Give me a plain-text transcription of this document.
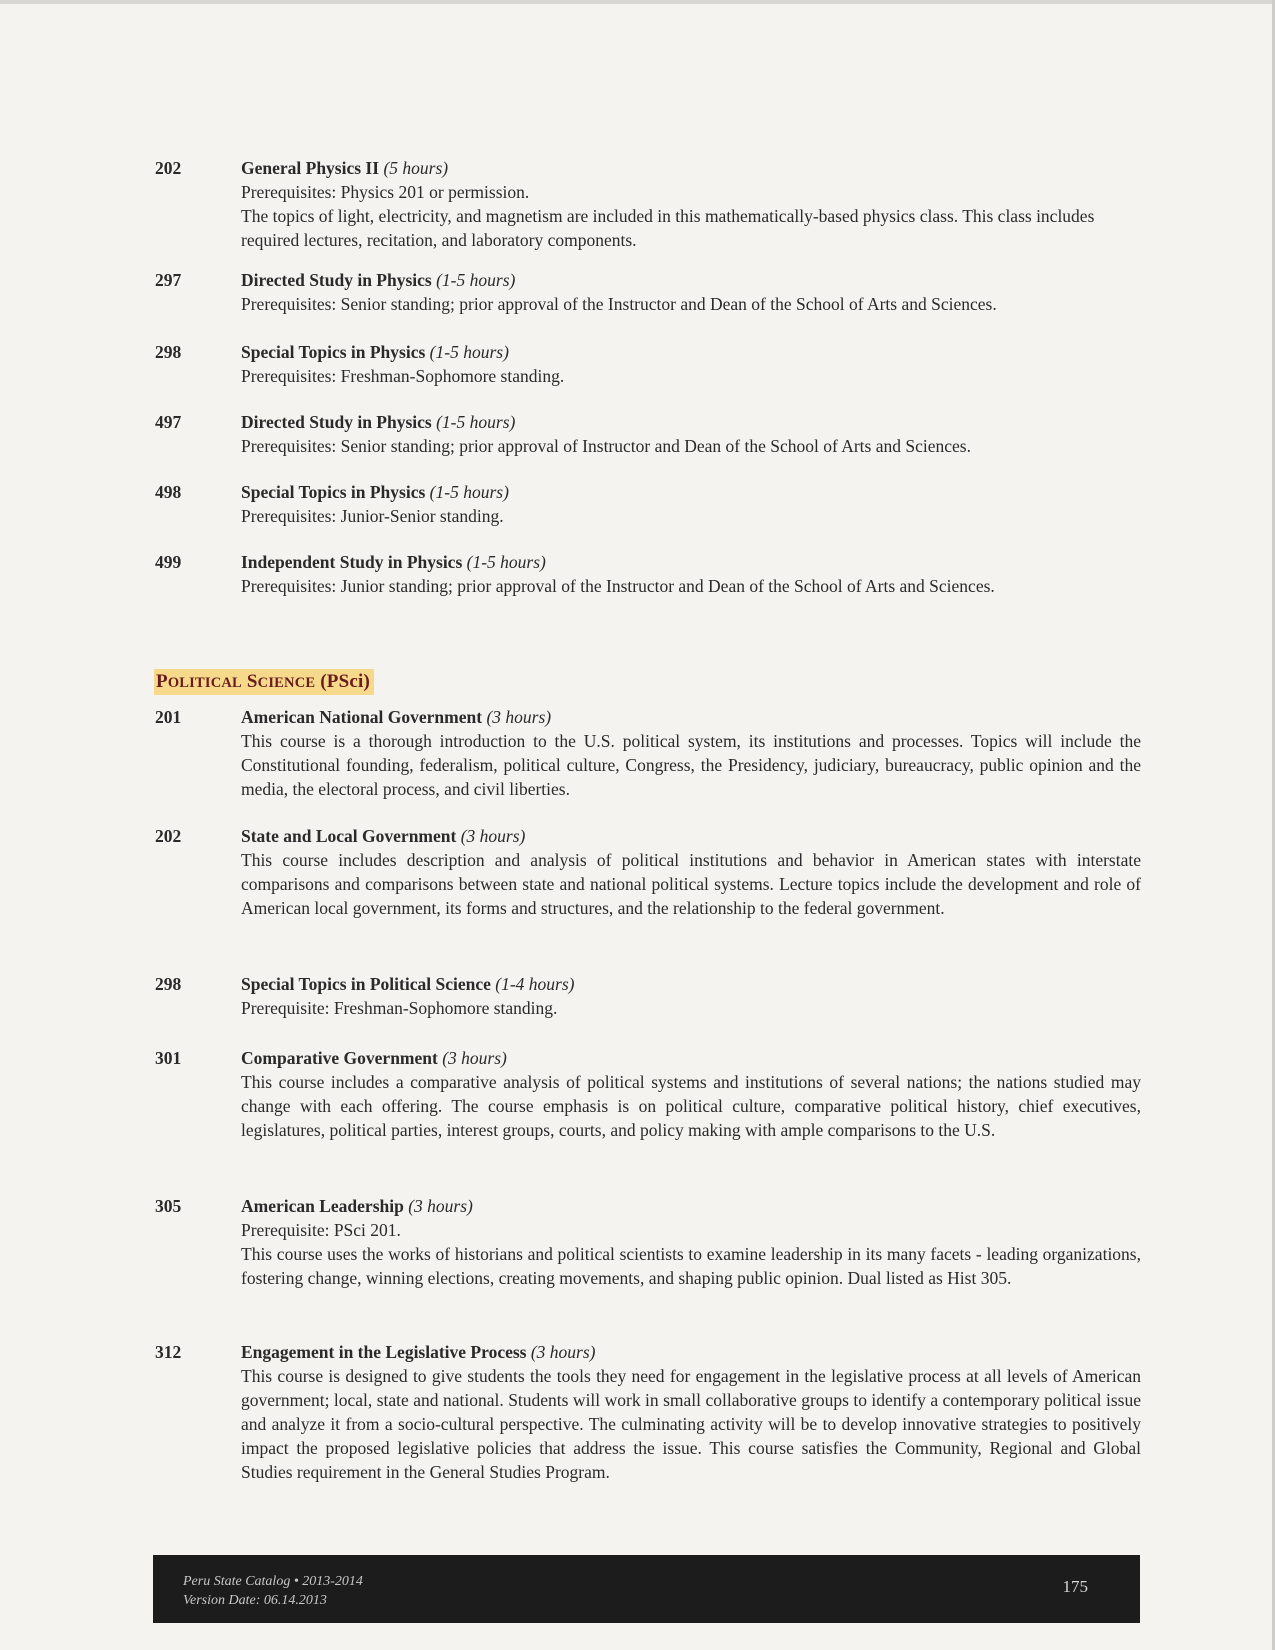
202	General Physics II (5 hours)
Prerequisites: Physics 201 or permission.
The topics of light, electricity, and magnetism are included in this mathematically-based physics class. This class includes required lectures, recitation, and laboratory components.
297	Directed Study in Physics (1-5 hours)
Prerequisites: Senior standing; prior approval of the Instructor and Dean of the School of Arts and Sciences.
298	Special Topics in Physics (1-5 hours)
Prerequisites: Freshman-Sophomore standing.
497	Directed Study in Physics (1-5 hours)
Prerequisites: Senior standing; prior approval of Instructor and Dean of the School of Arts and Sciences.
498	Special Topics in Physics (1-5 hours)
Prerequisites: Junior-Senior standing.
499	Independent Study in Physics (1-5 hours)
Prerequisites: Junior standing; prior approval of the Instructor and Dean of the School of Arts and Sciences.
POLITICAL SCIENCE (PSci)
201	American National Government (3 hours)
This course is a thorough introduction to the U.S. political system, its institutions and processes. Topics will include the Constitutional founding, federalism, political culture, Congress, the Presidency, judiciary, bureaucracy, public opinion and the media, the electoral process, and civil liberties.
202	State and Local Government (3 hours)
This course includes description and analysis of political institutions and behavior in American states with interstate comparisons and comparisons between state and national political systems. Lecture topics include the development and role of American local government, its forms and structures, and the relationship to the federal government.
298	Special Topics in Political Science (1-4 hours)
Prerequisite: Freshman-Sophomore standing.
301	Comparative Government (3 hours)
This course includes a comparative analysis of political systems and institutions of several nations; the nations studied may change with each offering. The course emphasis is on political culture, comparative political history, chief executives, legislatures, political parties, interest groups, courts, and policy making with ample comparisons to the U.S.
305	American Leadership (3 hours)
Prerequisite: PSci 201.
This course uses the works of historians and political scientists to examine leadership in its many facets - leading organizations, fostering change, winning elections, creating movements, and shaping public opinion. Dual listed as Hist 305.
312	Engagement in the Legislative Process (3 hours)
This course is designed to give students the tools they need for engagement in the legislative process at all levels of American government; local, state and national. Students will work in small collaborative groups to identify a contemporary political issue and analyze it from a socio-cultural perspective. The culminating activity will be to develop innovative strategies to positively impact the proposed legislative policies that address the issue. This course satisfies the Community, Regional and Global Studies requirement in the General Studies Program.
Peru State Catalog • 2013-2014
Version Date: 06.14.2013
175
